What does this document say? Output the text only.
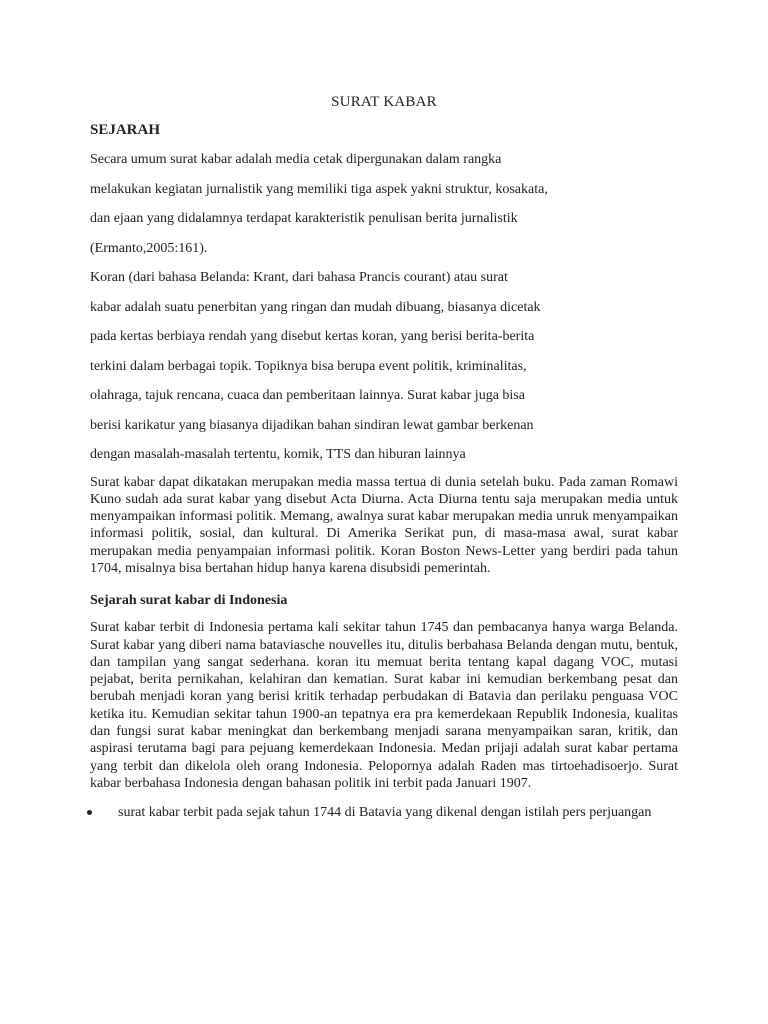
SURAT KABAR
SEJARAH
Secara umum surat kabar adalah media cetak dipergunakan dalam rangka
melakukan kegiatan jurnalistik yang memiliki tiga aspek yakni struktur, kosakata,
dan ejaan yang didalamnya terdapat karakteristik penulisan berita jurnalistik
(Ermanto,2005:161).
Koran (dari bahasa Belanda: Krant, dari bahasa Prancis courant) atau surat
kabar adalah suatu penerbitan yang ringan dan mudah dibuang, biasanya dicetak
pada kertas berbiaya rendah yang disebut kertas koran, yang berisi berita-berita
terkini dalam berbagai topik. Topiknya bisa berupa event politik, kriminalitas,
olahraga, tajuk rencana, cuaca dan pemberitaan lainnya. Surat kabar juga bisa
berisi karikatur yang biasanya dijadikan bahan sindiran lewat gambar berkenan
dengan masalah-masalah tertentu, komik, TTS dan hiburan lainnya

Surat kabar dapat dikatakan merupakan media massa tertua di dunia setelah buku. Pada zaman Romawi Kuno sudah ada surat kabar yang disebut Acta Diurna. Acta Diurna tentu saja merupakan media untuk menyampaikan informasi politik. Memang, awalnya surat kabar merupakan media unruk menyampaikan informasi politik, sosial, dan kultural. Di Amerika Serikat pun, di masa-masa awal, surat kabar merupakan media penyampaian informasi politik. Koran Boston News-Letter yang berdiri pada tahun 1704, misalnya bisa bertahan hidup hanya karena disubsidi pemerintah.

Sejarah surat kabar di Indonesia

Surat kabar terbit di Indonesia pertama kali sekitar tahun 1745 dan pembacanya hanya warga Belanda. Surat kabar yang diberi nama bataviasche nouvelles itu, ditulis berbahasa Belanda dengan mutu, bentuk, dan tampilan yang sangat sederhana. koran itu memuat berita tentang kapal dagang VOC, mutasi pejabat, berita pernikahan, kelahiran dan kematian. Surat kabar ini kemudian berkembang pesat dan berubah menjadi koran yang berisi kritik terhadap perbudakan di Batavia dan perilaku penguasa VOC ketika itu. Kemudian sekitar tahun 1900-an tepatnya era pra kemerdekaan Republik Indonesia, kualitas dan fungsi surat kabar meningkat dan berkembang menjadi sarana menyampaikan saran, kritik, dan aspirasi terutama bagi para pejuang kemerdekaan Indonesia. Medan prijaji adalah surat kabar pertama yang terbit dan dikelola oleh orang Indonesia. Pelopornya adalah Raden mas tirtoehadisoerjo. Surat kabar berbahasa Indonesia dengan bahasan politik ini terbit pada Januari 1907.

surat kabar terbit pada sejak tahun 1744 di Batavia yang dikenal dengan istilah pers perjuangan
